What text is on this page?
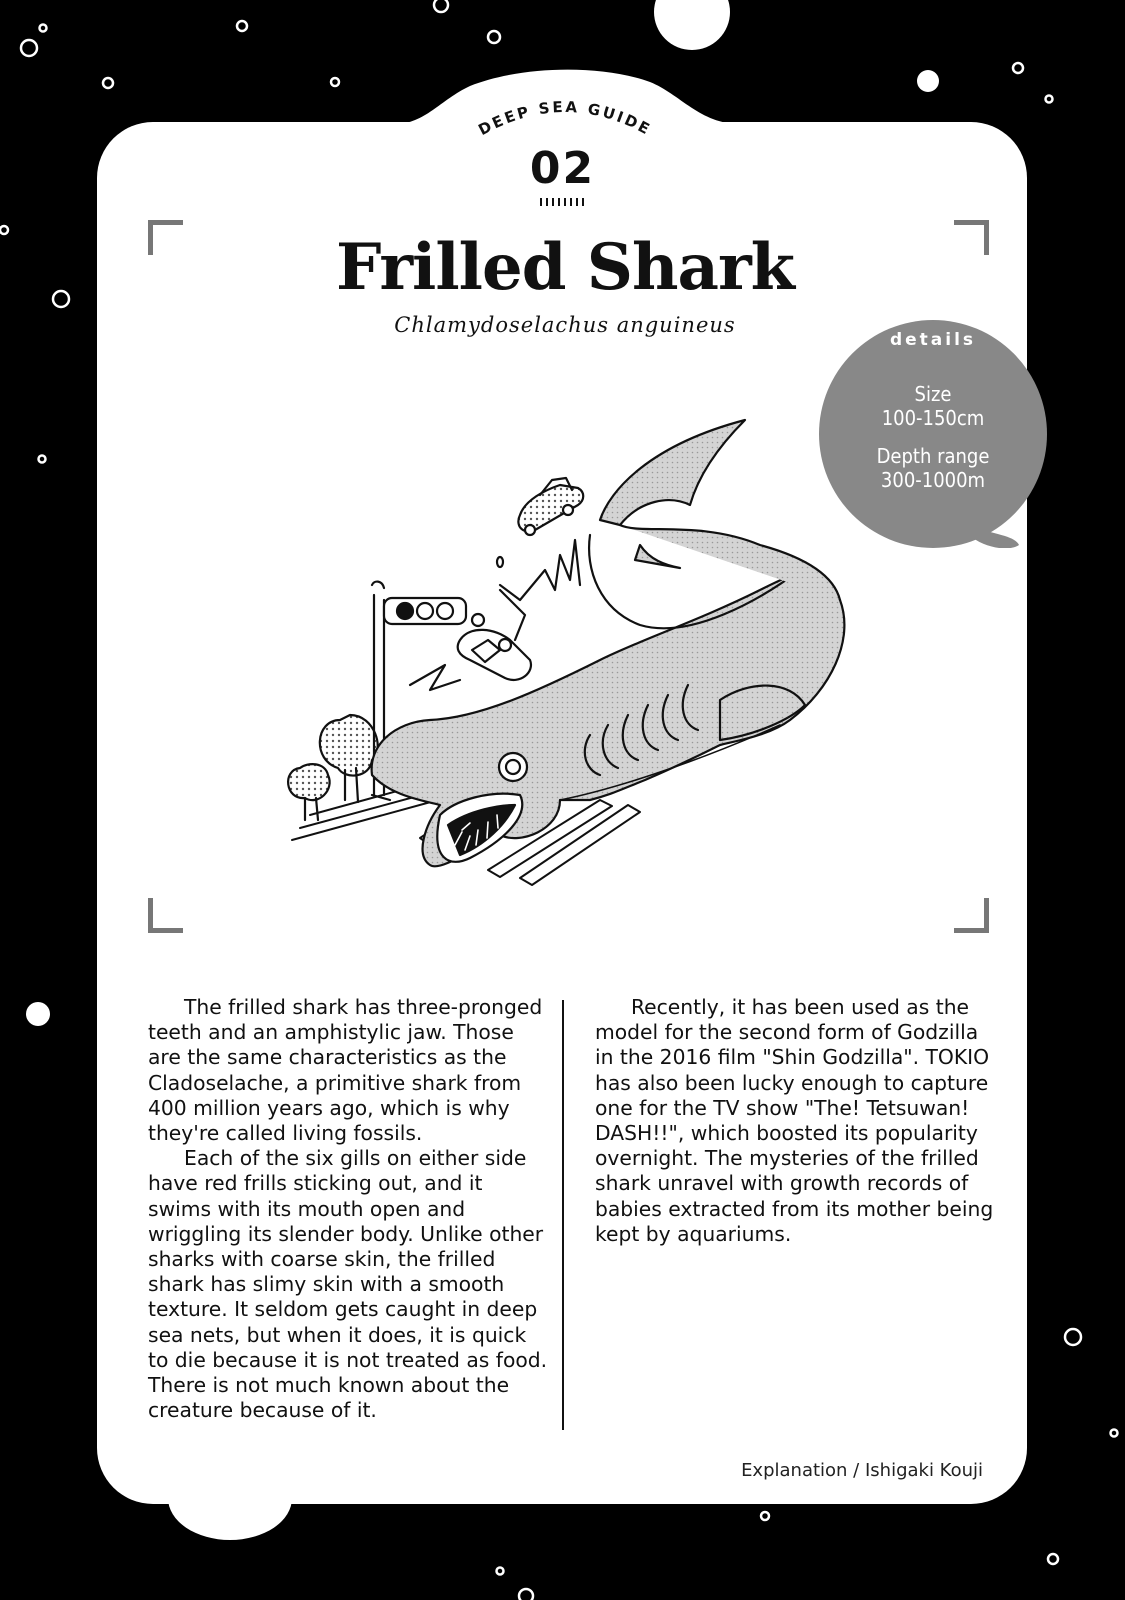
DEEP SEA GUIDE
02
Frilled Shark
Chlamydoselachus anguineus
details
Size
100-150cm
Depth range
300-1000m

The frilled shark has three-pronged teeth and an amphistylic jaw. Those are the same characteristics as the Cladoselache, a primitive shark from 400 million years ago, which is why they're called living fossils.

Each of the six gills on either side have red frills sticking out, and it swims with its mouth open and wriggling its slender body. Unlike other sharks with coarse skin, the frilled shark has slimy skin with a smooth texture. It seldom gets caught in deep sea nets, but when it does, it is quick to die because it is not treated as food. There is not much known about the creature because of it.

Recently, it has been used as the model for the second form of Godzilla in the 2016 film "Shin Godzilla". TOKIO has also been lucky enough to capture one for the TV show "The! Tetsuwan! DASH!!", which boosted its popularity overnight. The mysteries of the frilled shark unravel with growth records of babies extracted from its mother being kept by aquariums.

Explanation / Ishigaki Kouji
